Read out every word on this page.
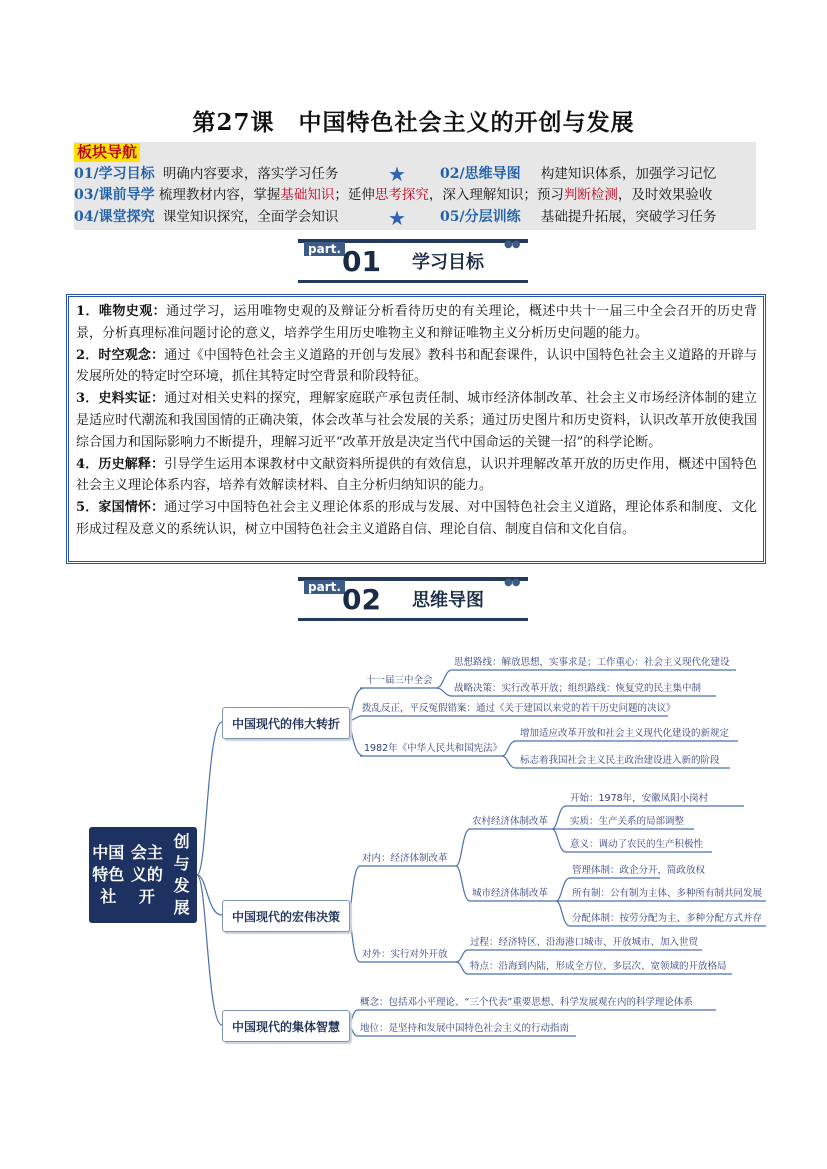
第27课　中国特色社会主义的开创与发展
板块导航
01/学习目标 明确内容要求，落实学习任务 ★ 02/思维导图 构建知识体系，加强学习记忆
03/课前导学 梳理教材内容，掌握基础知识；延伸思考探究，深入理解知识；预习判断检测，及时效果验收
04/课堂探究 课堂知识探究，全面学会知识 ★ 05/分层训练 基础提升拓展，突破学习任务
part. 01 学习目标
●●

1．唯物史观：通过学习，运用唯物史观的及辩证分析看待历史的有关理论，概述中共十一届三中全会召开的历史背景，分析真理标准问题讨论的意义，培养学生用历史唯物主义和辩证唯物主义分析历史问题的能力。

2．时空观念：通过《中国特色社会主义道路的开创与发展》教科书和配套课件，认识中国特色社会主义道路的开辟与发展所处的特定时空环境，抓住其特定时空背景和阶段特征。

3．史料实证：通过对相关史料的探究，理解家庭联产承包责任制、城市经济体制改革、社会主义市场经济体制的建立是适应时代潮流和我国国情的正确决策，体会改革与社会发展的关系；通过历史图片和历史资料，认识改革开放使我国综合国力和国际影响力不断提升，理解习近平“改革开放是决定当代中国命运的关键一招”的科学论断。

4．历史解释：引导学生运用本课教材中文献资料所提供的有效信息，认识并理解改革开放的历史作用，概述中国特色社会主义理论体系内容，培养有效解读材料、自主分析归纳知识的能力。

5．家国情怀：通过学习中国特色社会主义理论体系的形成与发展、对中国特色社会主义道路，理论体系和制度、文化形成过程及意义的系统认识，树立中国特色社会主义道路自信、理论自信、制度自信和文化自信。

part. 02 思维导图
●●
中国特色社
会主义的开
创与发展
中国现代的伟大转折
中国现代的宏伟决策
中国现代的集体智慧
十一届三中全会
思想路线：解放思想，实事求是；工作重心：社会主义现代化建设
战略决策：实行改革开放；组织路线：恢复党的民主集中制
拨乱反正，平反冤假错案：通过《关于建国以来党的若干历史问题的决议》
1982年《中华人民共和国宪法》
增加适应改革开放和社会主义现代化建设的新规定
标志着我国社会主义民主政治建设进入新的阶段
对内：经济体制改革
农村经济体制改革
开始：1978年，安徽凤阳小岗村
实质：生产关系的局部调整
意义：调动了农民的生产积极性
城市经济体制改革
管理体制：政企分开，简政放权
所有制：公有制为主体、多种所有制共同发展
分配体制：按劳分配为主、多种分配方式并存
对外：实行对外开放
过程：经济特区、沿海港口城市、开放城市、加入世贸
特点：沿海到内陆，形成全方位、多层次、宽领域的开放格局
概念：包括邓小平理论、“三个代表”重要思想、科学发展观在内的科学理论体系
地位：是坚持和发展中国特色社会主义的行动指南
